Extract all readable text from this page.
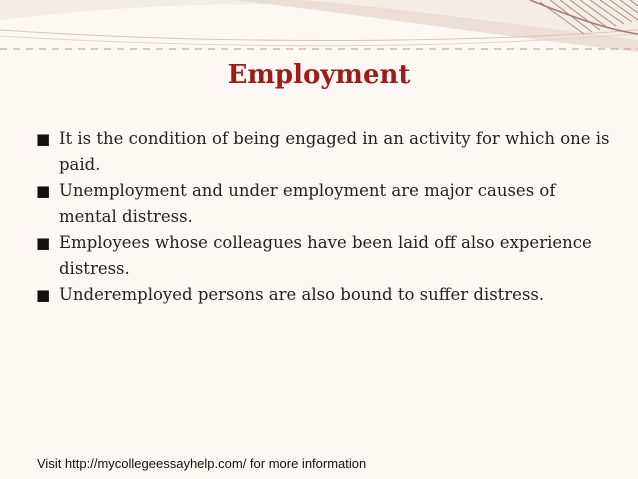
Employment
■ It is the condition of being engaged in an activity for which one is paid.
■ Unemployment and under employment are major causes of mental distress.
■ Employees whose colleagues have been laid off also experience distress.
■ Underemployed persons are also bound to suffer distress.
Visit http://mycollegeessayhelp.com/ for more information
